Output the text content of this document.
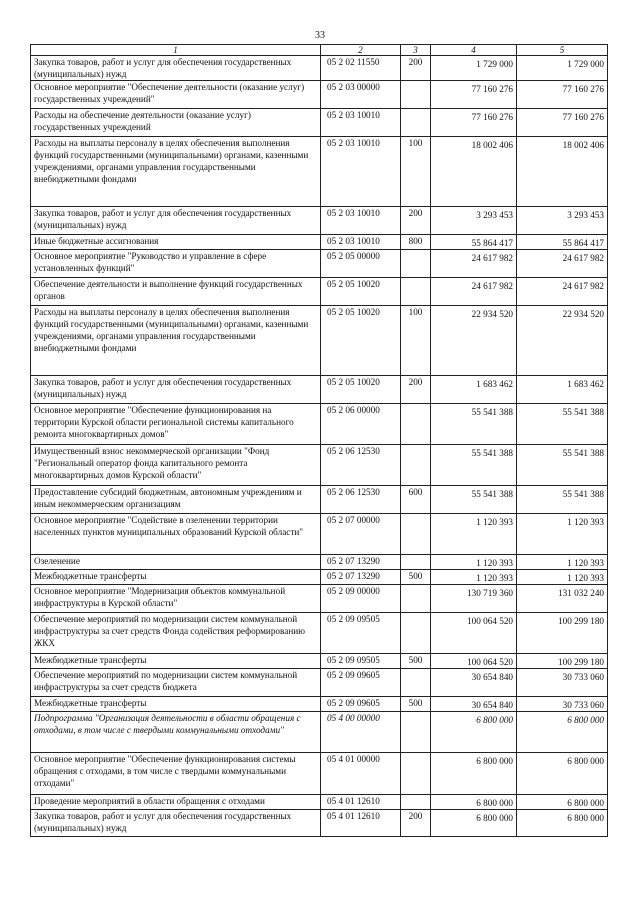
33
1	2	3	4	5
Закупка товаров, работ и услуг для обеспечения государственных (муниципальных) нужд	05 2 02 11550	200	1 729 000	1 729 000
Основное мероприятие "Обеспечение деятельности (оказание услуг) государственных учреждений"	05 2 03 00000		77 160 276	77 160 276
Расходы на обеспечение деятельности (оказание услуг) государственных учреждений	05 2 03 10010		77 160 276	77 160 276
Расходы на выплаты персоналу в целях обеспечения выполнения функций государственными (муниципальными) органами, казенными учреждениями, органами управления государственными внебюджетными фондами	05 2 03 10010	100	18 002 406	18 002 406
Закупка товаров, работ и услуг для обеспечения государственных (муниципальных) нужд	05 2 03 10010	200	3 293 453	3 293 453
Иные бюджетные ассигнования	05 2 03 10010	800	55 864 417	55 864 417
Основное мероприятие "Руководство и управление в сфере установленных функций"	05 2 05 00000		24 617 982	24 617 982
Обеспечение деятельности и выполнение функций государственных органов	05 2 05 10020		24 617 982	24 617 982
Расходы на выплаты персоналу в целях обеспечения выполнения функций государственными (муниципальными) органами, казенными учреждениями, органами управления государственными внебюджетными фондами	05 2 05 10020	100	22 934 520	22 934 520
Закупка товаров, работ и услуг для обеспечения государственных (муниципальных) нужд	05 2 05 10020	200	1 683 462	1 683 462
Основное мероприятие "Обеспечение функционирования на территории Курской области региональной системы капитального ремонта многоквартирных домов"	05 2 06 00000		55 541 388	55 541 388
Имущественный взнос некоммерческой организации "Фонд "Региональный оператор фонда капитального ремонта многоквартирных домов Курской области"	05 2 06 12530		55 541 388	55 541 388
Предоставление субсидий бюджетным, автономным учреждениям и иным некоммерческим организациям	05 2 06 12530	600	55 541 388	55 541 388
Основное мероприятие "Содействие в озеленении территории населенных пунктов муниципальных образований Курской области"	05 2 07 00000		1 120 393	1 120 393
Озеленение	05 2 07 13290		1 120 393	1 120 393
Межбюджетные трансферты	05 2 07 13290	500	1 120 393	1 120 393
Основное мероприятие "Модернизация объектов коммунальной инфраструктуры в Курской области"	05 2 09 00000		130 719 360	131 032 240
Обеспечение мероприятий по модернизации систем коммунальной инфраструктуры за счет средств Фонда содействия реформированию ЖКХ	05 2 09 09505		100 064 520	100 299 180
Межбюджетные трансферты	05 2 09 09505	500	100 064 520	100 299 180
Обеспечение мероприятий по модернизации систем коммунальной инфраструктуры за счет средств бюджета	05 2 09 09605		30 654 840	30 733 060
Межбюджетные трансферты	05 2 09 09605	500	30 654 840	30 733 060
Подпрограмма "Организация деятельности в области обращения с отходами, в том числе с твердыми коммунальными отходами"	05 4 00 00000		6 800 000	6 800 000
Основное мероприятие "Обеспечение функционирования системы обращения с отходами, в том числе с твердыми коммунальными отходами"	05 4 01 00000		6 800 000	6 800 000
Проведение мероприятий в области обращения с отходами	05 4 01 12610		6 800 000	6 800 000
Закупка товаров, работ и услуг для обеспечения государственных (муниципальных) нужд	05 4 01 12610	200	6 800 000	6 800 000
